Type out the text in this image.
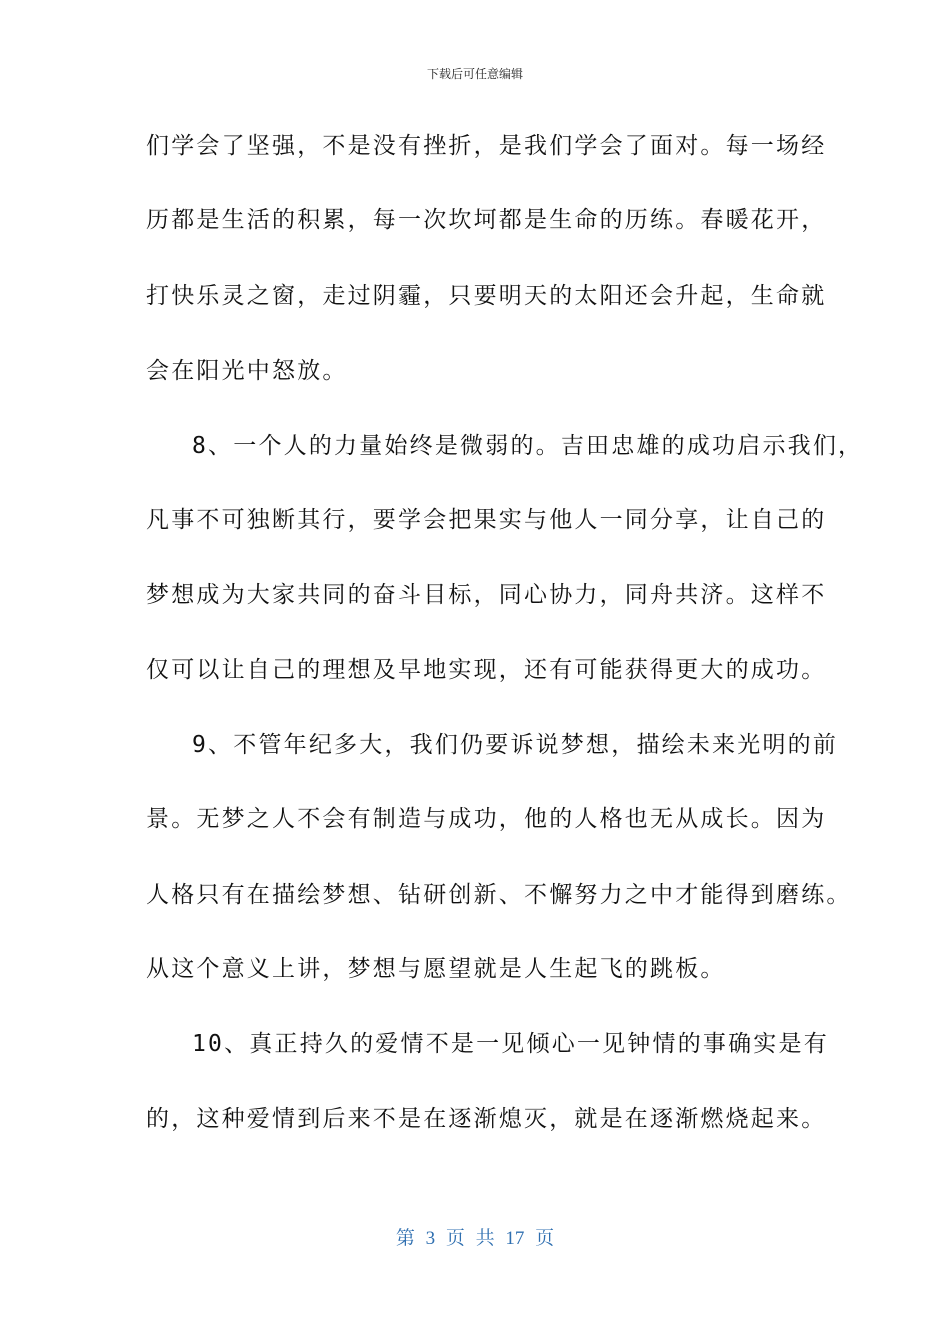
下载后可任意编辑
们学会了坚强，不是没有挫折，是我们学会了面对。每一场经
历都是生活的积累，每一次坎坷都是生命的历练。春暖花开，
打快乐灵之窗，走过阴霾，只要明天的太阳还会升起，生命就
会在阳光中怒放。
8、一个人的力量始终是微弱的。吉田忠雄的成功启示我们，
凡事不可独断其行，要学会把果实与他人一同分享，让自己的
梦想成为大家共同的奋斗目标，同心协力，同舟共济。这样不
仅可以让自己的理想及早地实现，还有可能获得更大的成功。
9、不管年纪多大，我们仍要诉说梦想，描绘未来光明的前
景。无梦之人不会有制造与成功，他的人格也无从成长。因为
人格只有在描绘梦想、钻研创新、不懈努力之中才能得到磨练。
从这个意义上讲，梦想与愿望就是人生起飞的跳板。
10、真正持久的爱情不是一见倾心一见钟情的事确实是有
的，这种爱情到后来不是在逐渐熄灭，就是在逐渐燃烧起来。
第 3 页 共 17 页
